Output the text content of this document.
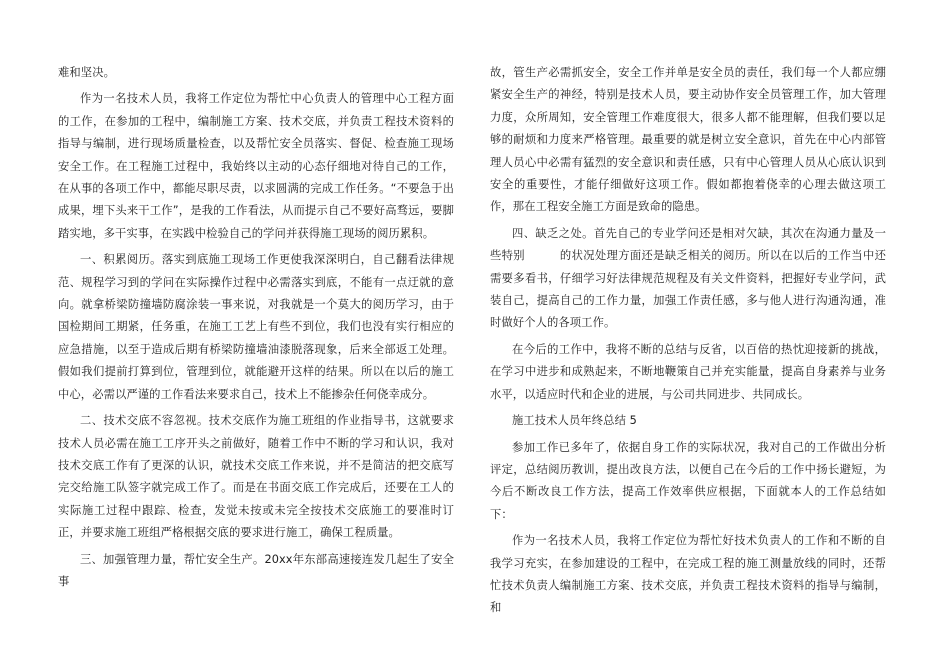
难和坚决。

作为一名技术人员，我将工作定位为帮忙中心负责人的管理中心工程方面的工作，在参加的工程中，编制施工方案、技术交底，并负责工程技术资料的指导与编制，进行现场质量检查，以及帮忙安全员落实、督促、检查施工现场安全工作。在工程施工过程中，我始终以主动的心态仔细地对待自己的工作，在从事的各项工作中，都能尽职尽责，以求圆满的完成工作任务。“不要急于出成果，埋下头来干工作”，是我的工作看法，从而提示自己不要好高骛远，要脚踏实地，多干实事，在实践中检验自己的学问并获得施工现场的阅历累积。

一、积累阅历。落实到底施工现场工作更使我深深明白，自己翻看法律规范、规程学习到的学问在实际操作过程中必需落实到底，不能有一点迂就的意向。就拿桥梁防撞墙防腐涂装一事来说，对我就是一个莫大的阅历学习，由于国检期间工期紧，任务重，在施工工艺上有些不到位，我们也没有实行相应的应急措施，以至于造成后期有桥梁防撞墙油漆脱落现象，后来全部返工处理。假如我们提前打算到位，管理到位，就能避开这样的结果。所以在以后的施工中心，必需以严谨的工作看法来要求自己，技术上不能掺杂任何侥幸成分。

二、技术交底不容忽视。技术交底作为施工班组的作业指导书，这就要求技术人员必需在施工工序开头之前做好，随着工作中不断的学习和认识，我对技术交底工作有了更深的认识，就技术交底工作来说，并不是简洁的把交底写完交给施工队签字就完成工作了。而是在书面交底工作完成后，还要在工人的实际施工过程中跟踪、检查，发觉未按或未完全按技术交底施工的要准时订正，并要求施工班组严格根据交底的要求进行施工，确保工程质量。

三、加强管理力量，帮忙安全生产。20xx年东部高速接连发几起生了安全事

故，管生产必需抓安全，安全工作并单是安全员的责任，我们每一个人都应绷紧安全生产的神经，特别是技术人员，要主动协作安全员管理工作，加大管理力度，众所周知，安全管理工作难度很大，很多人都不能理解，但我们要以足够的耐烦和力度来严格管理。最重要的就是树立安全意识，首先在中心内部管理人员心中必需有猛烈的安全意识和责任感，只有中心管理人员从心底认识到安全的重要性，才能仔细做好这项工作。假如都抱着侥幸的心理去做这项工作，那在工程安全施工方面是致命的隐患。

四、缺乏之处。首先自己的专业学问还是相对欠缺，其次在沟通力量及一些特别　　　的状况处理方面还是缺乏相关的阅历。所以在以后的工作当中还需要多看书，仔细学习好法律规范规程及有关文件资料，把握好专业学问，武装自己，提高自己的工作力量，加强工作责任感，多与他人进行沟通沟通，准时做好个人的各项工作。

在今后的工作中，我将不断的总结与反省，以百倍的热忱迎接新的挑战，在学习中进步和成熟起来，不断地鞭策自己并充实能量，提高自身素养与业务水平，以适应时代和企业的进展，与公司共同进步、共同成长。

施工技术人员年终总结 5

参加工作已多年了，依据自身工作的实际状况，我对自己的工作做出分析评定，总结阅历教训，提出改良方法，以便自己在今后的工作中扬长避短，为今后不断改良工作方法，提高工作效率供应根据，下面就本人的工作总结如下：

作为一名技术人员，我将工作定位为帮忙好技术负责人的工作和不断的自我学习充实，在参加建设的工程中，在完成工程的施工测量放线的同时，还帮忙技术负责人编制施工方案、技术交底，并负责工程技术资料的指导与编制，和
